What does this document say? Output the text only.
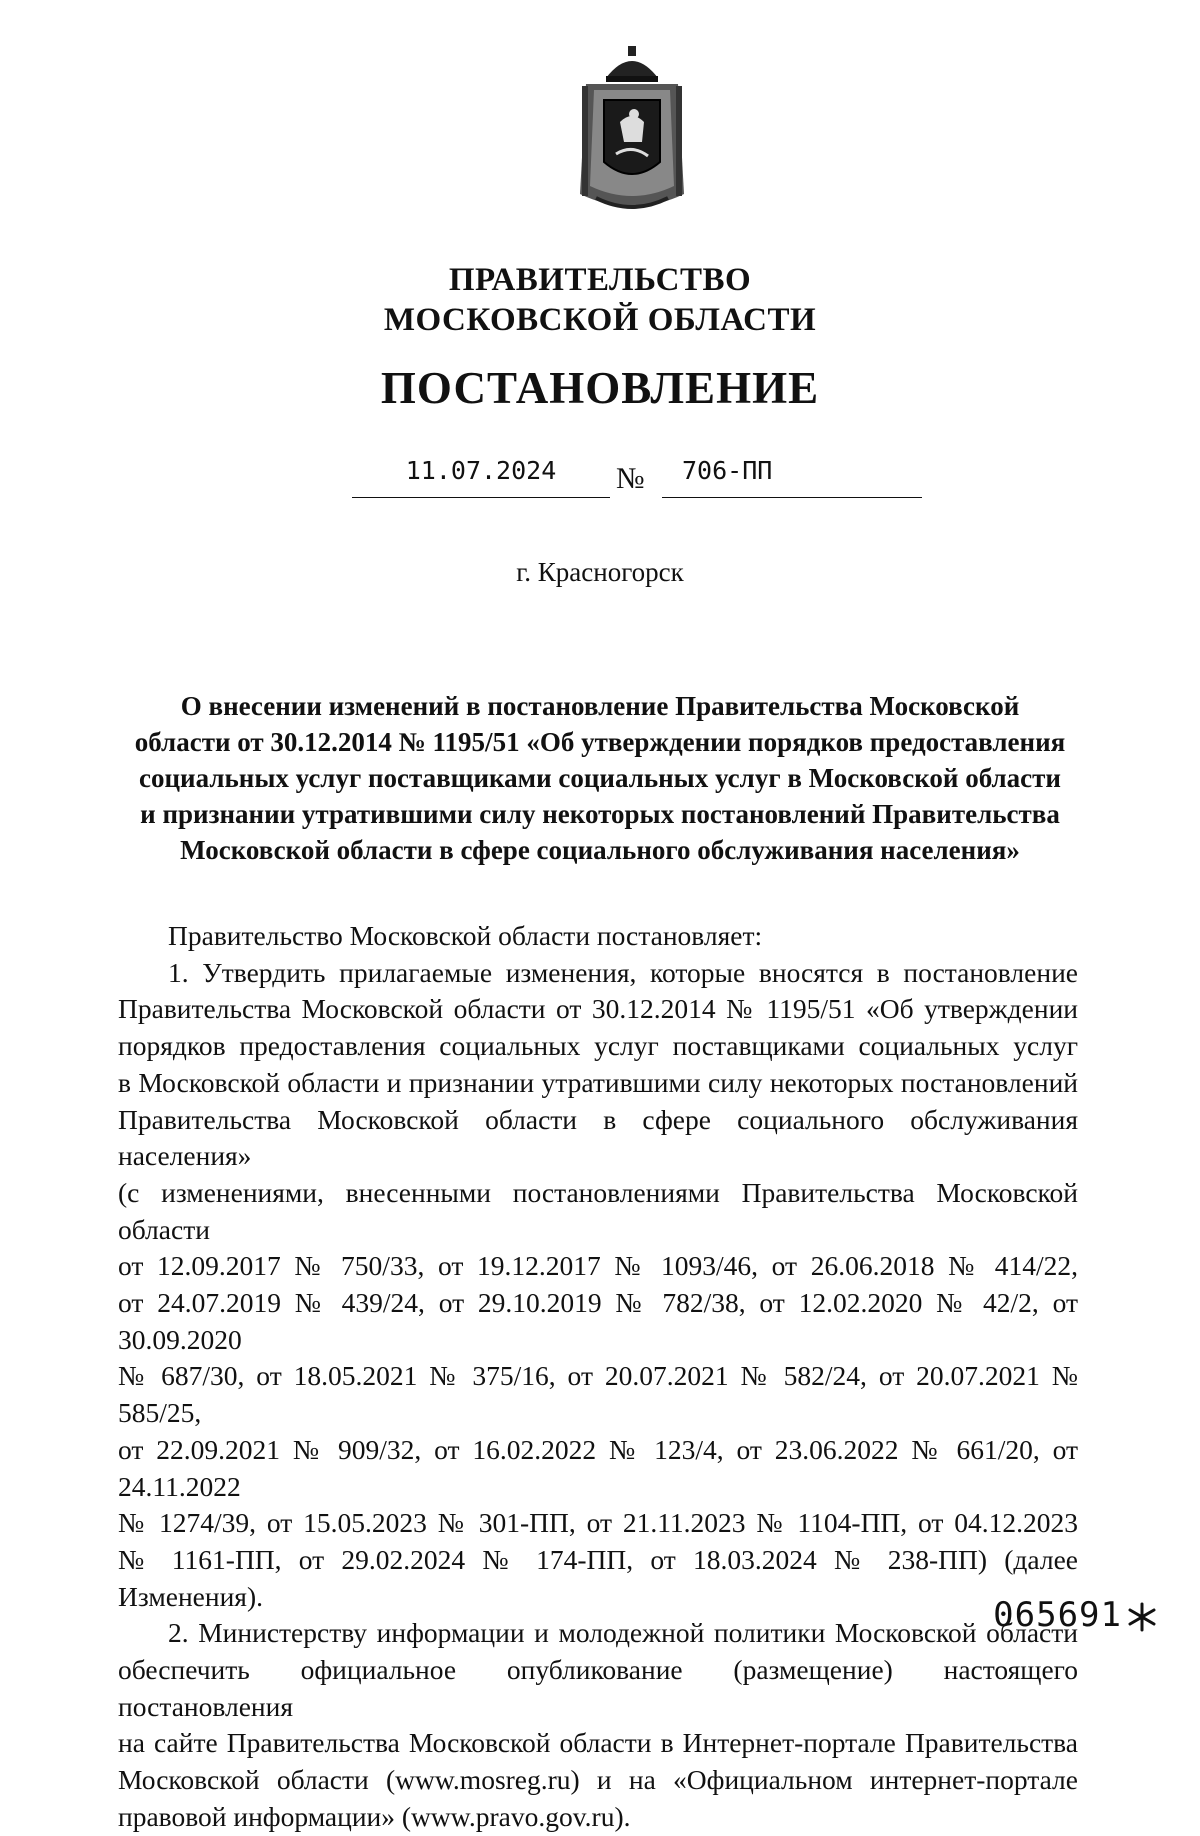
ПРАВИТЕЛЬСТВО
МОСКОВСКОЙ ОБЛАСТИ
ПОСТАНОВЛЕНИЕ
11.07.2024	№	706-ПП
г. Красногорск
О внесении изменений в постановление Правительства Московской
области от 30.12.2014 № 1195/51 «Об утверждении порядков предоставления
социальных услуг поставщиками социальных услуг в Московской области
и признании утратившими силу некоторых постановлений Правительства
Московской области в сфере социального обслуживания населения»

Правительство Московской области постановляет:

1. Утвердить прилагаемые изменения, которые вносятся в постановление
Правительства Московской области от 30.12.2014 № 1195/51 «Об утверждении
порядков предоставления социальных услуг поставщиками социальных услуг
в Московской области и признании утратившими силу некоторых постановлений
Правительства Московской области в сфере социального обслуживания населения»
(с изменениями, внесенными постановлениями Правительства Московской области
от 12.09.2017 № 750/33, от 19.12.2017 № 1093/46, от 26.06.2018 № 414/22,
от 24.07.2019 № 439/24, от 29.10.2019 № 782/38, от 12.02.2020 № 42/2, от 30.09.2020
№ 687/30, от 18.05.2021 № 375/16, от 20.07.2021 № 582/24, от 20.07.2021 № 585/25,
от 22.09.2021 № 909/32, от 16.02.2022 № 123/4, от 23.06.2022 № 661/20, от 24.11.2022
№ 1274/39, от 15.05.2023 № 301-ПП, от 21.11.2023 № 1104-ПП, от 04.12.2023
№ 1161-ПП, от 29.02.2024 № 174-ПП, от 18.03.2024 № 238-ПП) (далее Изменения).
2. Министерству информации и молодежной политики Московской области
обеспечить официальное опубликование (размещение) настоящего постановления
на сайте Правительства Московской области в Интернет-портале Правительства
Московской области (www.mosreg.ru) и на «Официальном интернет-портале
правовой информации» (www.pravo.gov.ru).
065691
